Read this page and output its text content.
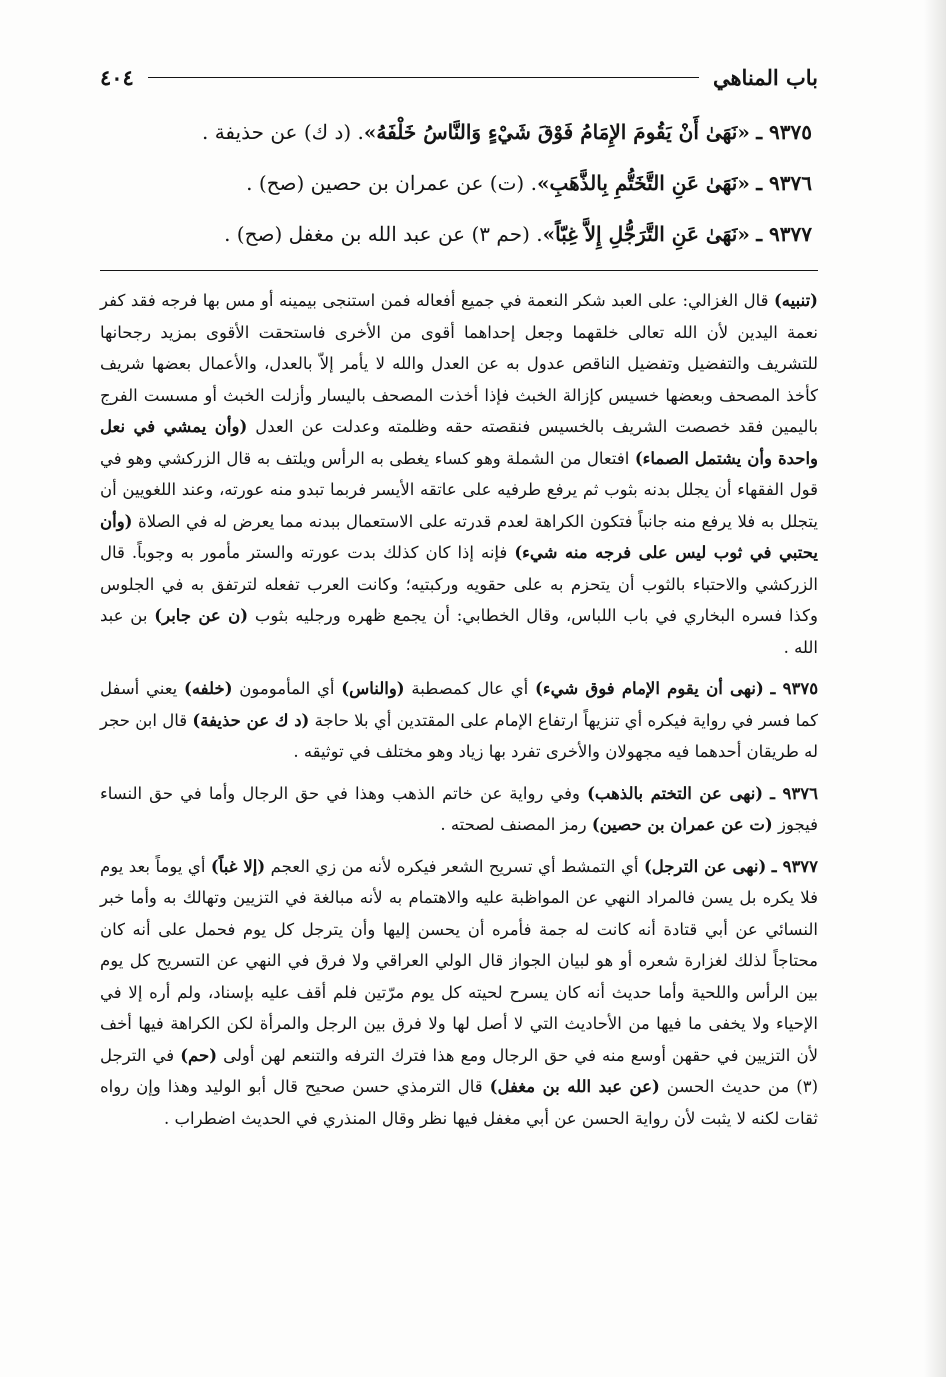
باب المناهي
٤٠٤
٩٣٧٥ ـ «نَهَىٰ أَنْ يَقُومَ الإِمَامُ فَوْقَ شَيْءٍ وَالنَّاسُ خَلْفَهُ». (د ك) عن حذيفة .
٩٣٧٦ ـ «نَهَىٰ عَنِ التَّخَتُّمِ بِالذَّهَبِ». (ت) عن عمران بن حصين (صح) .
٩٣٧٧ ـ «نَهَىٰ عَنِ التَّرَجُّلِ إِلاَّ غِبّاً». (حم ٣) عن عبد الله بن مغفل (صح) .

(تنبيه) قال الغزالي: على العبد شكر النعمة في جميع أفعاله فمن استنجى بيمينه أو مس بها فرجه فقد كفر نعمة اليدين لأن الله تعالى خلقهما وجعل إحداهما أقوى من الأخرى فاستحقت الأقوى بمزيد رجحانها للتشريف والتفضيل وتفضيل الناقص عدول به عن العدل والله لا يأمر إلاّ بالعدل، والأعمال بعضها شريف كأخذ المصحف وبعضها خسيس كإزالة الخبث فإذا أخذت المصحف باليسار وأزلت الخبث أو مسست الفرج باليمين فقد خصصت الشريف بالخسيس فنقصته حقه وظلمته وعدلت عن العدل (وأن يمشي في نعل واحدة وأن يشتمل الصماء) افتعال من الشملة وهو كساء يغطى به الرأس ويلتف به قال الزركشي وهو في قول الفقهاء أن يجلل بدنه بثوب ثم يرفع طرفيه على عاتقه الأيسر فربما تبدو منه عورته، وعند اللغويين أن يتجلل به فلا يرفع منه جانباً فتكون الكراهة لعدم قدرته على الاستعمال ببدنه مما يعرض له في الصلاة (وأن يحتبي في ثوب ليس على فرجه منه شيء) فإنه إذا كان كذلك بدت عورته والستر مأمور به وجوباً. قال الزركشي والاحتباء بالثوب أن يتحزم به على حقويه وركبتيه؛ وكانت العرب تفعله لترتفق به في الجلوس وكذا فسره البخاري في باب اللباس، وقال الخطابي: أن يجمع ظهره ورجليه بثوب (ن عن جابر) بن عبد الله .

٩٣٧٥ ـ (نهى أن يقوم الإمام فوق شيء) أي عال كمصطبة (والناس) أي المأمومون (خلفه) يعني أسفل كما فسر في رواية فيكره أي تنزيهاً ارتفاع الإمام على المقتدين أي بلا حاجة (د ك عن حذيفة) قال ابن حجر له طريقان أحدهما فيه مجهولان والأخرى تفرد بها زياد وهو مختلف في توثيقه .

٩٣٧٦ ـ (نهى عن التختم بالذهب) وفي رواية عن خاتم الذهب وهذا في حق الرجال وأما في حق النساء فيجوز (ت عن عمران بن حصين) رمز المصنف لصحته .

٩٣٧٧ ـ (نهى عن الترجل) أي التمشط أي تسريح الشعر فيكره لأنه من زي العجم (إلا غباً) أي يوماً بعد يوم فلا يكره بل يسن فالمراد النهي عن المواظبة عليه والاهتمام به لأنه مبالغة في التزيين وتهالك به وأما خبر النسائي عن أبي قتادة أنه كانت له جمة فأمره أن يحسن إليها وأن يترجل كل يوم فحمل على أنه كان محتاجاً لذلك لغزارة شعره أو هو لبيان الجواز قال الولي العراقي ولا فرق في النهي عن التسريح كل يوم بين الرأس واللحية وأما حديث أنه كان يسرح لحيته كل يوم مرّتين فلم أقف عليه بإسناد، ولم أره إلا في الإحياء ولا يخفى ما فيها من الأحاديث التي لا أصل لها ولا فرق بين الرجل والمرأة لكن الكراهة فيها أخف لأن التزيين في حقهن أوسع منه في حق الرجال ومع هذا فترك الترفه والتنعم لهن أولى (حم) في الترجل (٣) من حديث الحسن (عن عبد الله بن مغفل) قال الترمذي حسن صحيح قال أبو الوليد وهذا وإن رواه ثقات لكنه لا يثبت لأن رواية الحسن عن أبي مغفل فيها نظر وقال المنذري في الحديث اضطراب .
